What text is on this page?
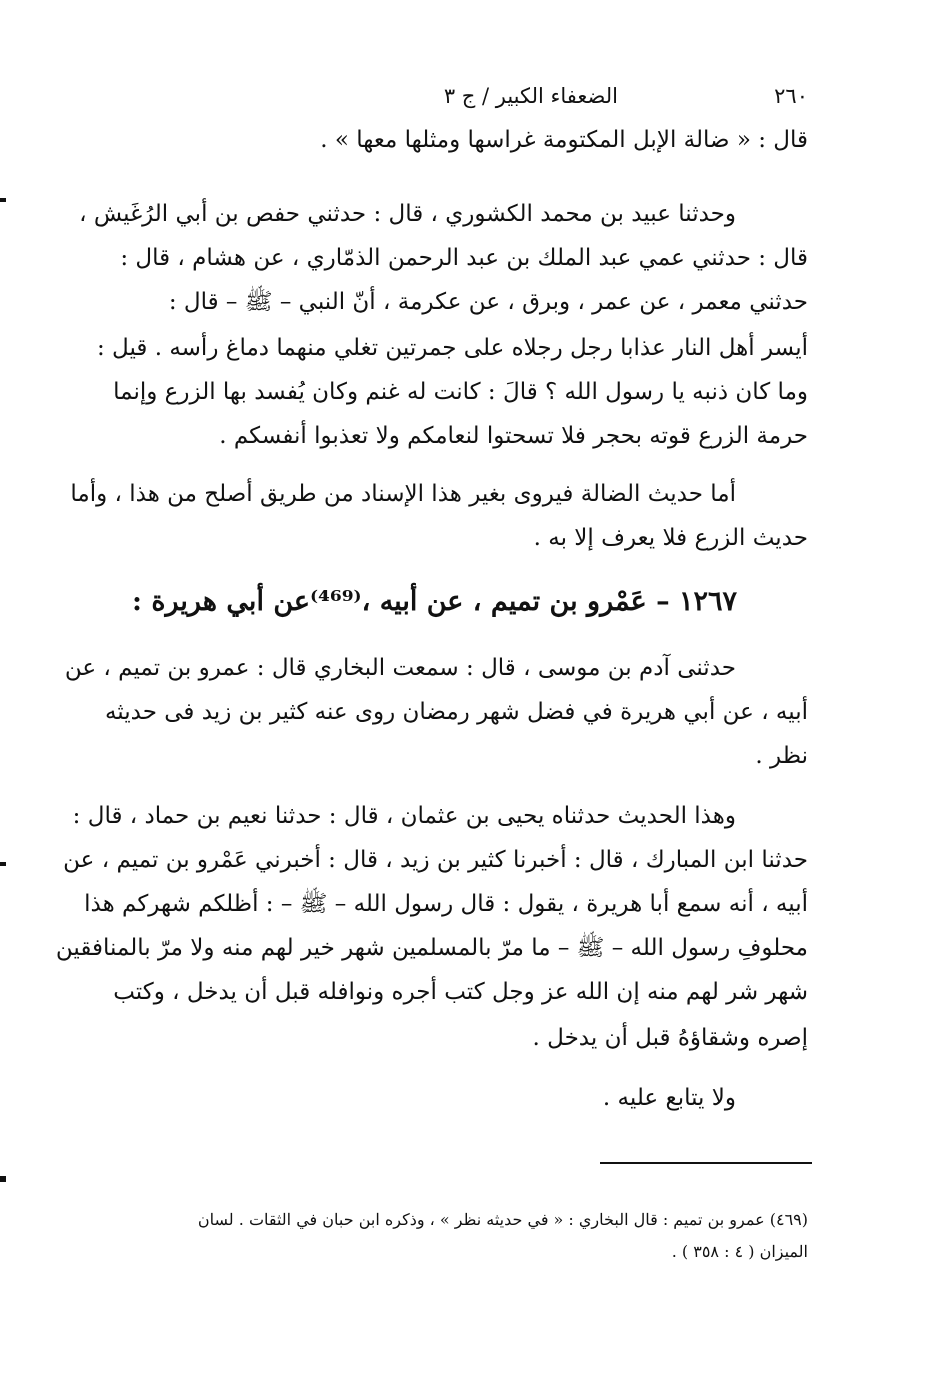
٢٦٠
الضعفاء الكبير / ج ٣
قال : « ضالة الإبل المكتومة غراسها ومثلها معها » .
وحدثنا عبيد بن محمد الكشوري ، قال : حدثني حفص بن أبي الرُغَيش ،
قال : حدثني عمي عبد الملك بن عبد الرحمن الذمّاري ، عن هشام ، قال :
حدثني معمر ، عن عمر ، وبرق ، عن عكرمة ، أنّ النبي – ﷺ – قال :
أيسر أهل النار عذابا رجل رجلاه على جمرتين تغلي منهما دماغ رأسه . قيل :
وما كان ذنبه يا رسول الله ؟ قالَ : كانت له غنم وكان يُفسد بها الزرع وإنما
حرمة الزرع قوته بحجر فلا تسحتوا لنعامكم ولا تعذبوا أنفسكم .
أما حديث الضالة فيروى بغير هذا الإسناد من طريق أصلح من هذا ، وأما
حديث الزرع فلا يعرف إلا به .
١٢٦٧ – عَمْرو بن تميم ، عن أبيه ،⁽⁴⁶⁹⁾عن أبي هريرة :
حدثنى آدم بن موسى ، قال : سمعت البخاري قال : عمرو بن تميم ، عن
أبيه ، عن أبي هريرة في فضل شهر رمضان روى عنه كثير بن زيد فى حديثه
نظر .
وهذا الحديث حدثناه يحيى بن عثمان ، قال : حدثنا نعيم بن حماد ، قال :
حدثنا ابن المبارك ، قال : أخبرنا كثير بن زيد ، قال : أخبرني عَمْرو بن تميم ، عن
أبيه ، أنه سمع أبا هريرة ، يقول : قال رسول الله – ﷺ – : أظلكم شهركم هذا
محلوفِ رسول الله – ﷺ – ما مرّ بالمسلمين شهر خير لهم منه ولا مرّ بالمنافقين
شهر شر لهم منه إن الله عز وجل كتب أجره ونوافله قبل أن يدخل ، وكتب
إصره وشقاؤهُ قبل أن يدخل .
ولا يتابع عليه .
(٤٦٩) عمرو بن تميم : قال البخاري : « في حديثه نظر » ، وذكره ابن حبان في الثقات . لسان
الميزان ( ٤ : ٣٥٨ ) .
